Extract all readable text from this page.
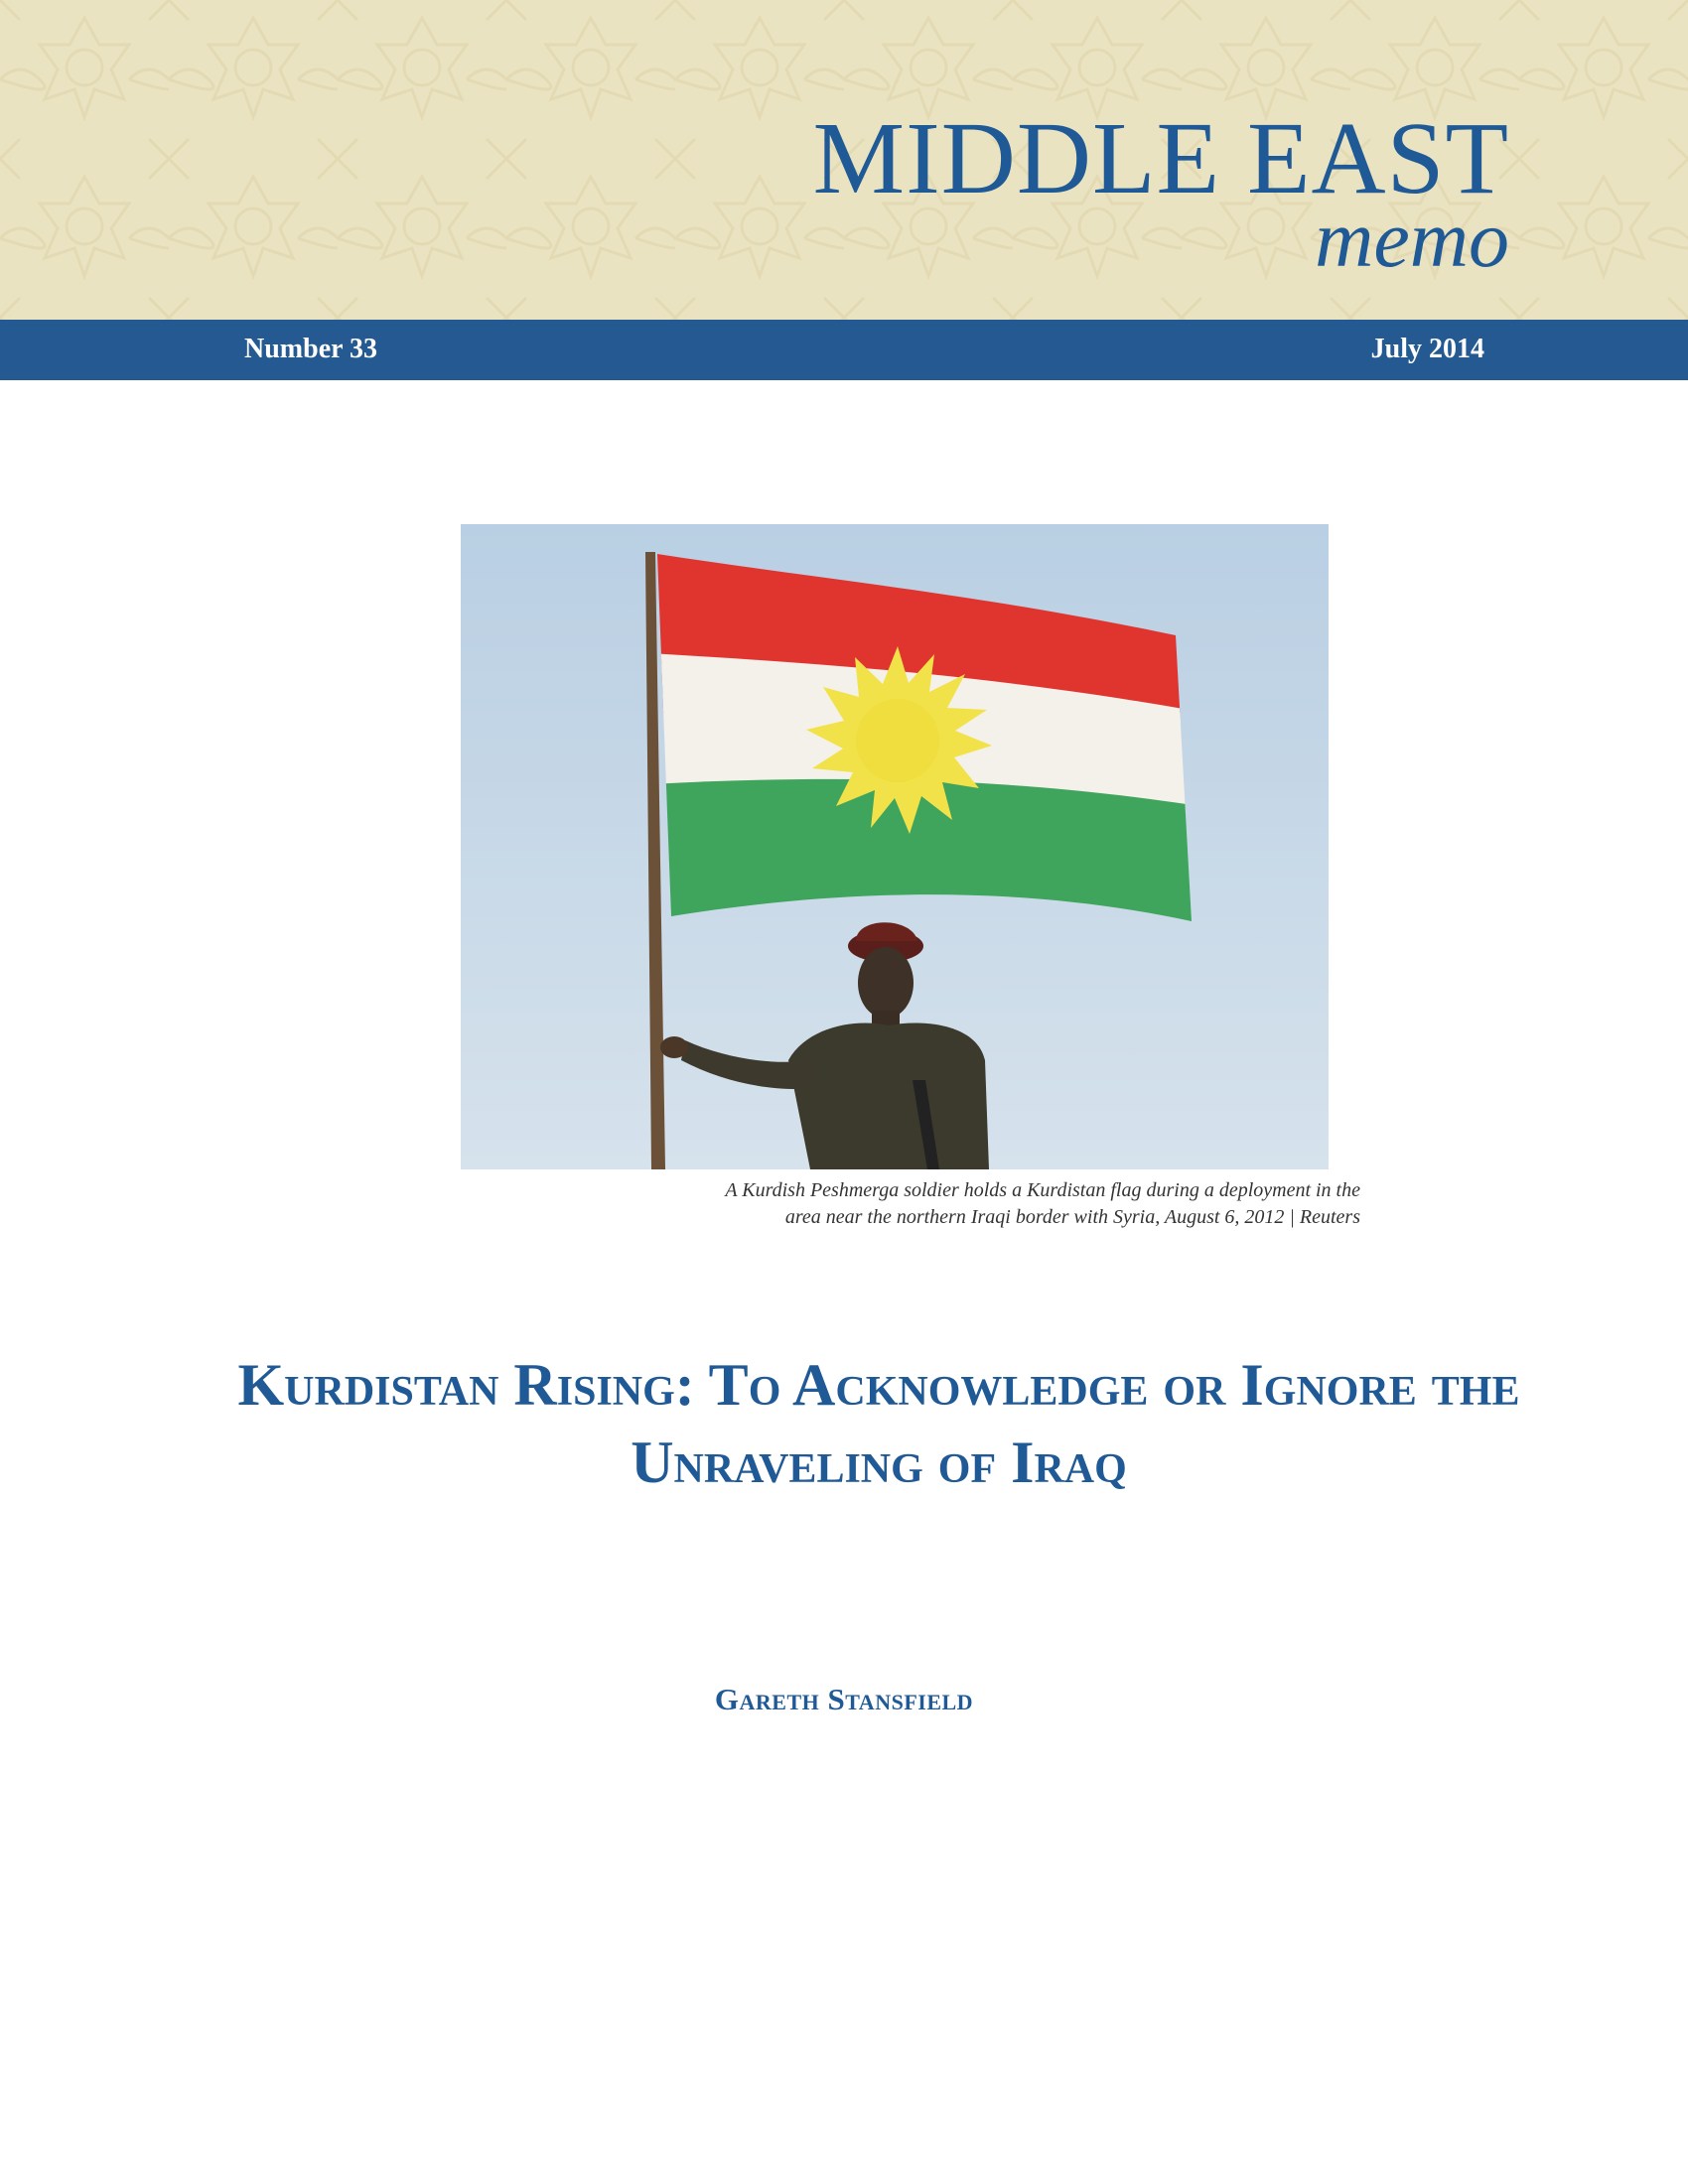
MIDDLE EAST
memo
Number 33	July 2014
A Kurdish Peshmerga soldier holds a Kurdistan flag during a deployment in the
area near the northern Iraqi border with Syria, August 6, 2012 | Reuters
Kurdistan Rising: To Acknowledge or Ignore the
Unraveling of Iraq
Gareth Stansfield
